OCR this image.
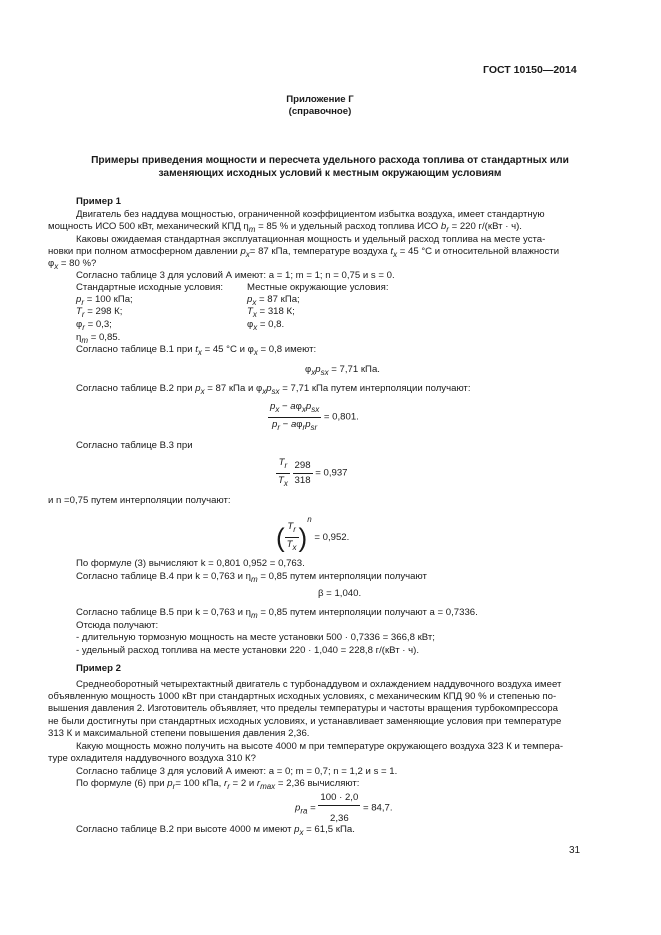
ГОСТ 10150—2014
Приложение Г
(справочное)
Примеры приведения мощности и пересчета удельного расхода топлива от стандартных или
заменяющих исходных условий к местным окружающим условиям
Пример 1
Двигатель без наддува мощностью, ограниченной коэффициентом избытка воздуха, имеет стандартную
мощность ИСО 500 кВт, механический КПД $\eta_m = 85$ % и удельный расход топлива ИСО $b_r = 220$ г/(кВт · ч).
Каковы ожидаемая стандартная эксплуатационная мощность и удельный расход топлива на месте уста-
новки при полном атмосферном давлении $p_x= 87$ кПа, температуре воздуха $t_x = 45$ °С и относительной влажности
$\varphi_x = 80$ %?
Согласно таблице 3 для условий А имеют: а = 1; m = 1; n = 0,75 и s = 0.
Стандартные исходные условия: Местные окружающие условия:
$p_r = 100$ кПа;	$p_x = 87$ кПа;
$T_r = 298$ К;	$T_x = 318$ К;
$\varphi_r = 0,3$;	$\varphi_x = 0,8$.
$\eta_m = 0,85$.
Согласно таблице В.1 при $t_x = 45$ °С и $\varphi_x = 0,8$ имеют:
$\varphi_xp_{sx} = 7,71$ кПа.
Согласно таблице В.2 при $p_x = 87$ кПа и $\varphi_xp_{sx} = 7,71$ кПа путем интерполяции получают:
$\frac{p_x - a\varphi_xp_{sx}}{p_r - a\varphi_rp_{sr}} = 0,801$.
Согласно таблице В.3 при
$\frac{T_r}{T_x}$
$\frac{298}{318} = 0,937$
и n =0,75 путем интерполяции получают:
( $\frac{T_r}{T_x} )^n = 0,952$.
По формуле (3) вычисляют k = 0,801 0,952 = 0,763.
Согласно таблице В.4 при k = 0,763 и $\eta_m = 0,85$ путем интерполяции получают
β = 1,040.
Согласно таблице В.5 при k = 0,763 и $\eta_m = 0,85$ путем интерполяции получают а = 0,7336.
Отсюда получают:
- длительную тормозную мощность на месте установки 500 · 0,7336 = 366,8 кВт;
- удельный расход топлива на месте установки 220 · 1,040 = 228,8 г/(кВт · ч).
Пример 2
Среднеоборотный четырехтактный двигатель с турбонаддувом и охлаждением наддувочного воздуха имеет
объявленную мощность 1000 кВт при стандартных исходных условиях, с механическим КПД 90 % и степенью по-
вышения давления 2. Изготовитель объявляет, что пределы температуры и частоты вращения турбокомпрессора
не были достигнуты при стандартных исходных условиях, и устанавливает заменяющие условия при температуре
313 К и максимальной степени повышения давления 2,36.
Какую мощность можно получить на высоте 4000 м при температуре окружающего воздуха 323 К и темпера-
туре охладителя наддувочного воздуха 310 К?
Согласно таблице 3 для условий А имеют: а = 0; m = 0,7; n = 1,2 и s = 1.
По формуле (6) при $p_r= 100$ кПа, $r_r = 2$ и $r_{max} = 2,36$ вычисляют:
$p_{ra} = \frac{100 \cdot 2,0}{2,36} = 84,7$.
Согласно таблице В.2 при высоте 4000 м имеют $p_x = 61,5$ кПа.
31
